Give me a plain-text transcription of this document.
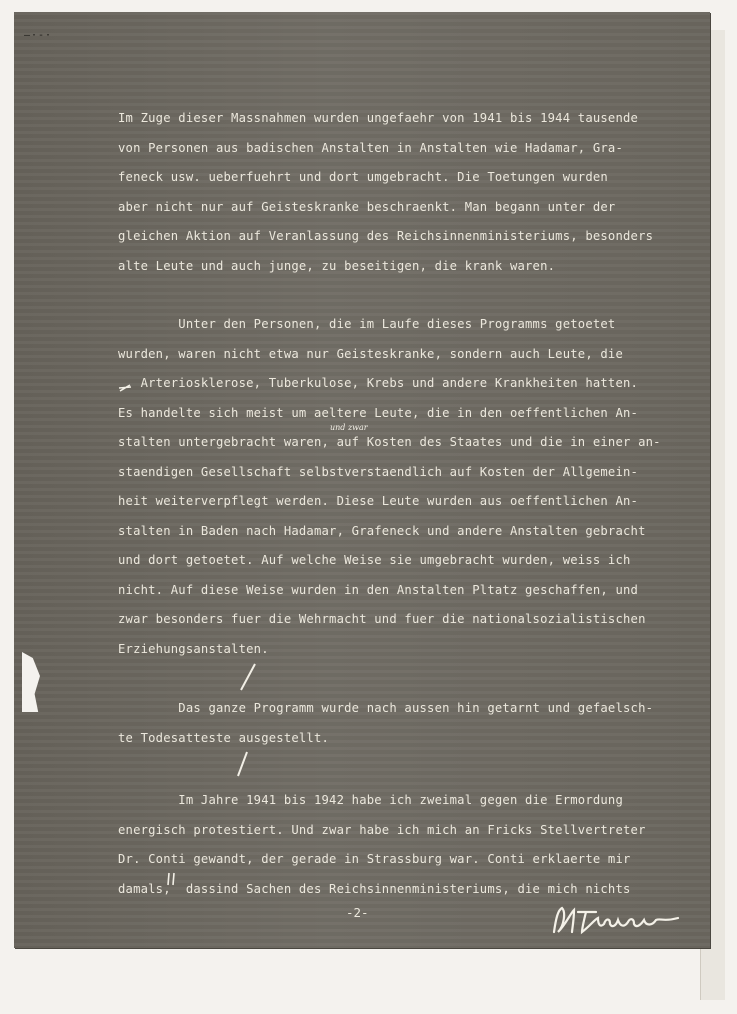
—·-·
Im Zuge dieser Massnahmen wurden ungefaehr von 1941 bis 1944 tausende
von Personen aus badischen Anstalten in Anstalten wie Hadamar, Gra-
feneck usw. ueberfuehrt und dort umgebracht. Die Toetungen wurden
aber nicht nur auf Geisteskranke beschraenkt. Man begann unter der
gleichen Aktion auf Veranlassung des Reichsinnenministeriums, besonders
alte Leute und auch junge, zu beseitigen, die krank waren.
Unter den Personen, die im Laufe dieses Programms getoetet
wurden, waren nicht etwa nur Geisteskranke, sondern auch Leute, die
Arteriosklerose, Tuberkulose, Krebs und andere Krankheiten hatten.
Es handelte sich meist um aeltere Leute, die in den oeffentlichen An-
stalten untergebracht waren, auf Kosten des Staates und die in einer an-
staendigen Gesellschaft selbstverstaendlich auf Kosten der Allgemein-
heit weiterverpflegt werden. Diese Leute wurden aus oeffentlichen An-
stalten in Baden nach Hadamar, Grafeneck und andere Anstalten gebracht
und dort getoetet. Auf welche Weise sie umgebracht wurden, weiss ich
nicht. Auf diese Weise wurden in den Anstalten Pltatz geschaffen, und
zwar besonders fuer die Wehrmacht und fuer die nationalsozialistischen
Erziehungsanstalten.
und zwar
Das ganze Programm wurde nach aussen hin getarnt und gefaelsch-
te Todesatteste ausgestellt.
Im Jahre 1941 bis 1942 habe ich zweimal gegen die Ermordung
energisch protestiert. Und zwar habe ich mich an Fricks Stellvertreter
Dr. Conti gewandt, der gerade in Strassburg war. Conti erklaerte mir
damals,  dassind Sachen des Reichsinnenministeriums, die mich nichts
-2-
